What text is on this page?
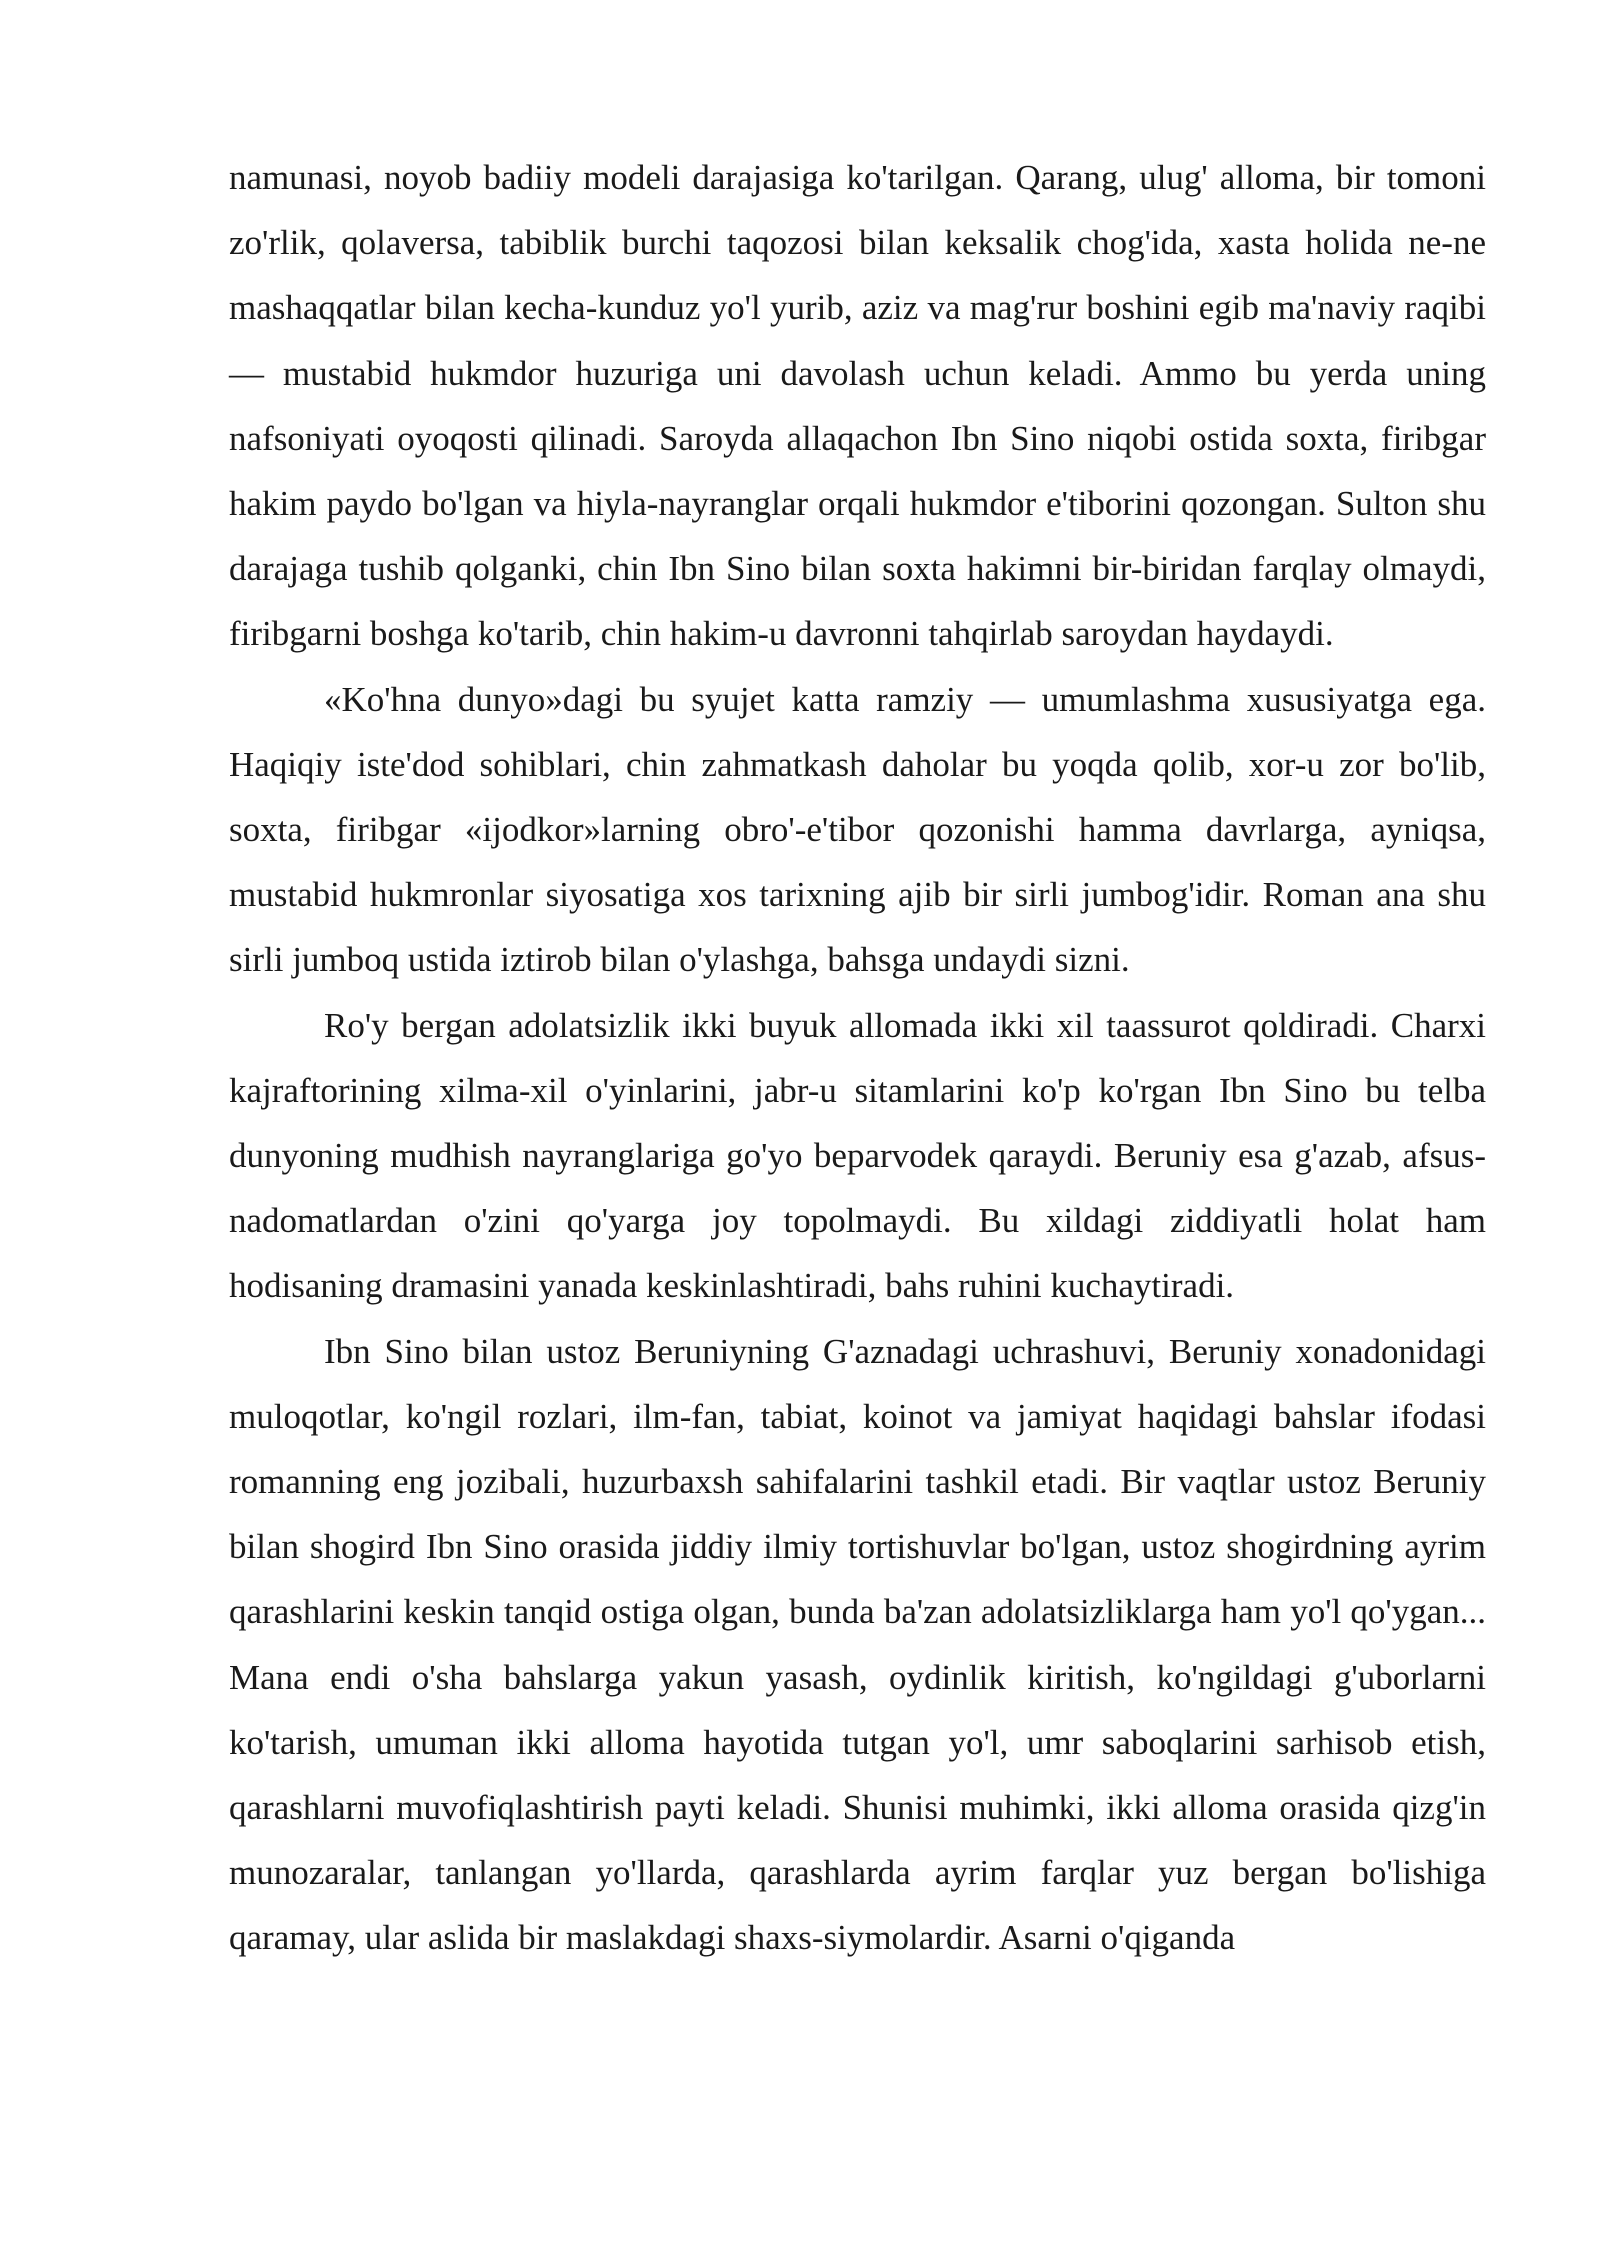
namunasi, noyob badiiy modeli darajasiga ko'tarilgan. Qarang, ulug' alloma, bir tomoni zo'rlik, qolaversa, tabiblik burchi taqozosi bilan keksalik chog'ida, xasta holida ne-ne mashaqqatlar bilan kecha-kunduz yo'l yurib, aziz va mag'rur boshini egib ma'naviy raqibi — mustabid hukmdor huzuriga uni davolash uchun keladi. Ammo bu yerda uning nafsoniyati oyoqosti qilinadi. Saroyda allaqachon Ibn Sino niqobi ostida soxta, firibgar hakim paydo bo'lgan va hiyla-nayranglar orqali hukmdor e'tiborini qozongan. Sulton shu darajaga tushib qolganki, chin Ibn Sino bilan soxta hakimni bir-biridan farqlay olmaydi, firibgarni boshga ko'tarib, chin hakim-u davronni tahqirlab saroydan haydaydi.

«Ko'hna dunyo»dagi bu syujet katta ramziy — umumlashma xususiyatga ega. Haqiqiy iste'dod sohiblari, chin zahmatkash daholar bu yoqda qolib, xor-u zor bo'lib, soxta, firibgar «ijodkor»larning obro'-e'tibor qozonishi hamma davrlarga, ayniqsa, mustabid hukmronlar siyosatiga xos tarixning ajib bir sirli jumbog'idir. Roman ana shu sirli jumboq ustida iztirob bilan o'ylashga, bahsga undaydi sizni.

Ro'y bergan adolatsizlik ikki buyuk allomada ikki xil taassurot qoldiradi. Charxi kajraftorining xilma-xil o'yinlarini, jabr-u sitamlarini ko'p ko'rgan Ibn Sino bu telba dunyoning mudhish nayranglariga go'yo beparvodek qaraydi. Beruniy esa g'azab, afsus-nadomatlardan o'zini qo'yarga joy topolmaydi. Bu xildagi ziddiyatli holat ham hodisaning dramasini yanada keskinlashtiradi, bahs ruhini kuchaytiradi.

Ibn Sino bilan ustoz Beruniyning G'aznadagi uchrashuvi, Beruniy xonadonidagi muloqotlar, ko'ngil rozlari, ilm-fan, tabiat, koinot va jamiyat haqidagi bahslar ifodasi romanning eng jozibali, huzurbaxsh sahifalarini tashkil etadi. Bir vaqtlar ustoz Beruniy bilan shogird Ibn Sino orasida jiddiy ilmiy tortishuvlar bo'lgan, ustoz shogirdning ayrim qarashlarini keskin tanqid ostiga olgan, bunda ba'zan adolatsizliklarga ham yo'l qo'ygan... Mana endi o'sha bahslarga yakun yasash, oydinlik kiritish, ko'ngildagi g'uborlarni ko'tarish, umuman ikki alloma hayotida tutgan yo'l, umr saboqlarini sarhisob etish, qarashlarni muvofiqlashtirish payti keladi. Shunisi muhimki, ikki alloma orasida qizg'in munozaralar, tanlangan yo'llarda, qarashlarda ayrim farqlar yuz bergan bo'lishiga qaramay, ular aslida bir maslakdagi shaxs-siymolardir. Asarni o'qiganda
